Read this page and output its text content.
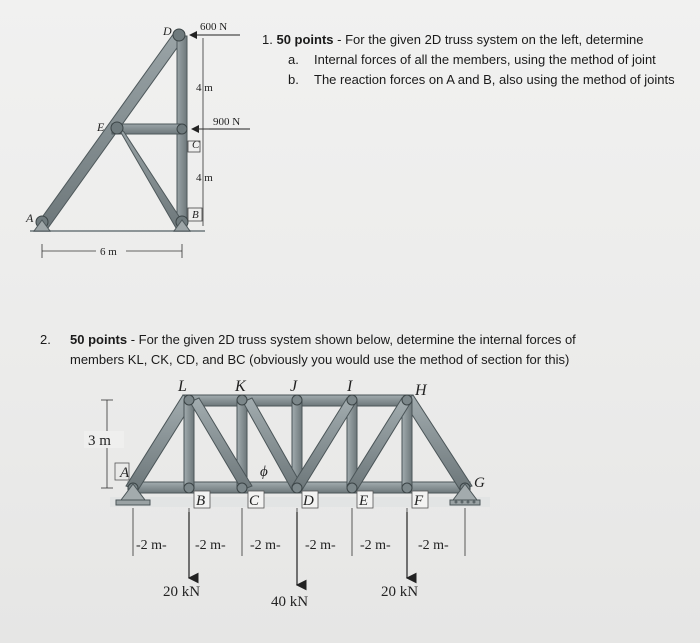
D
E
C
A	B
600 N
900 N
4 m
4 m
6 m
L	K	J	I	H
B	C	D	E	F
A
G
ϕ
3 m
-2 m- -2 m- -2 m- -2 m- -2 m- -2 m-
20 kN
40 kN
20 kN
1. 50 points - For the given 2D truss system on the left, determine
a.	Internal forces of all the members, using the method of joint
b.	The reaction forces on A and B, also using the method of joints
2.	50 points - For the given 2D truss system shown below, determine the internal forces of
members KL, CK, CD, and BC (obviously you would use the method of section for this)
